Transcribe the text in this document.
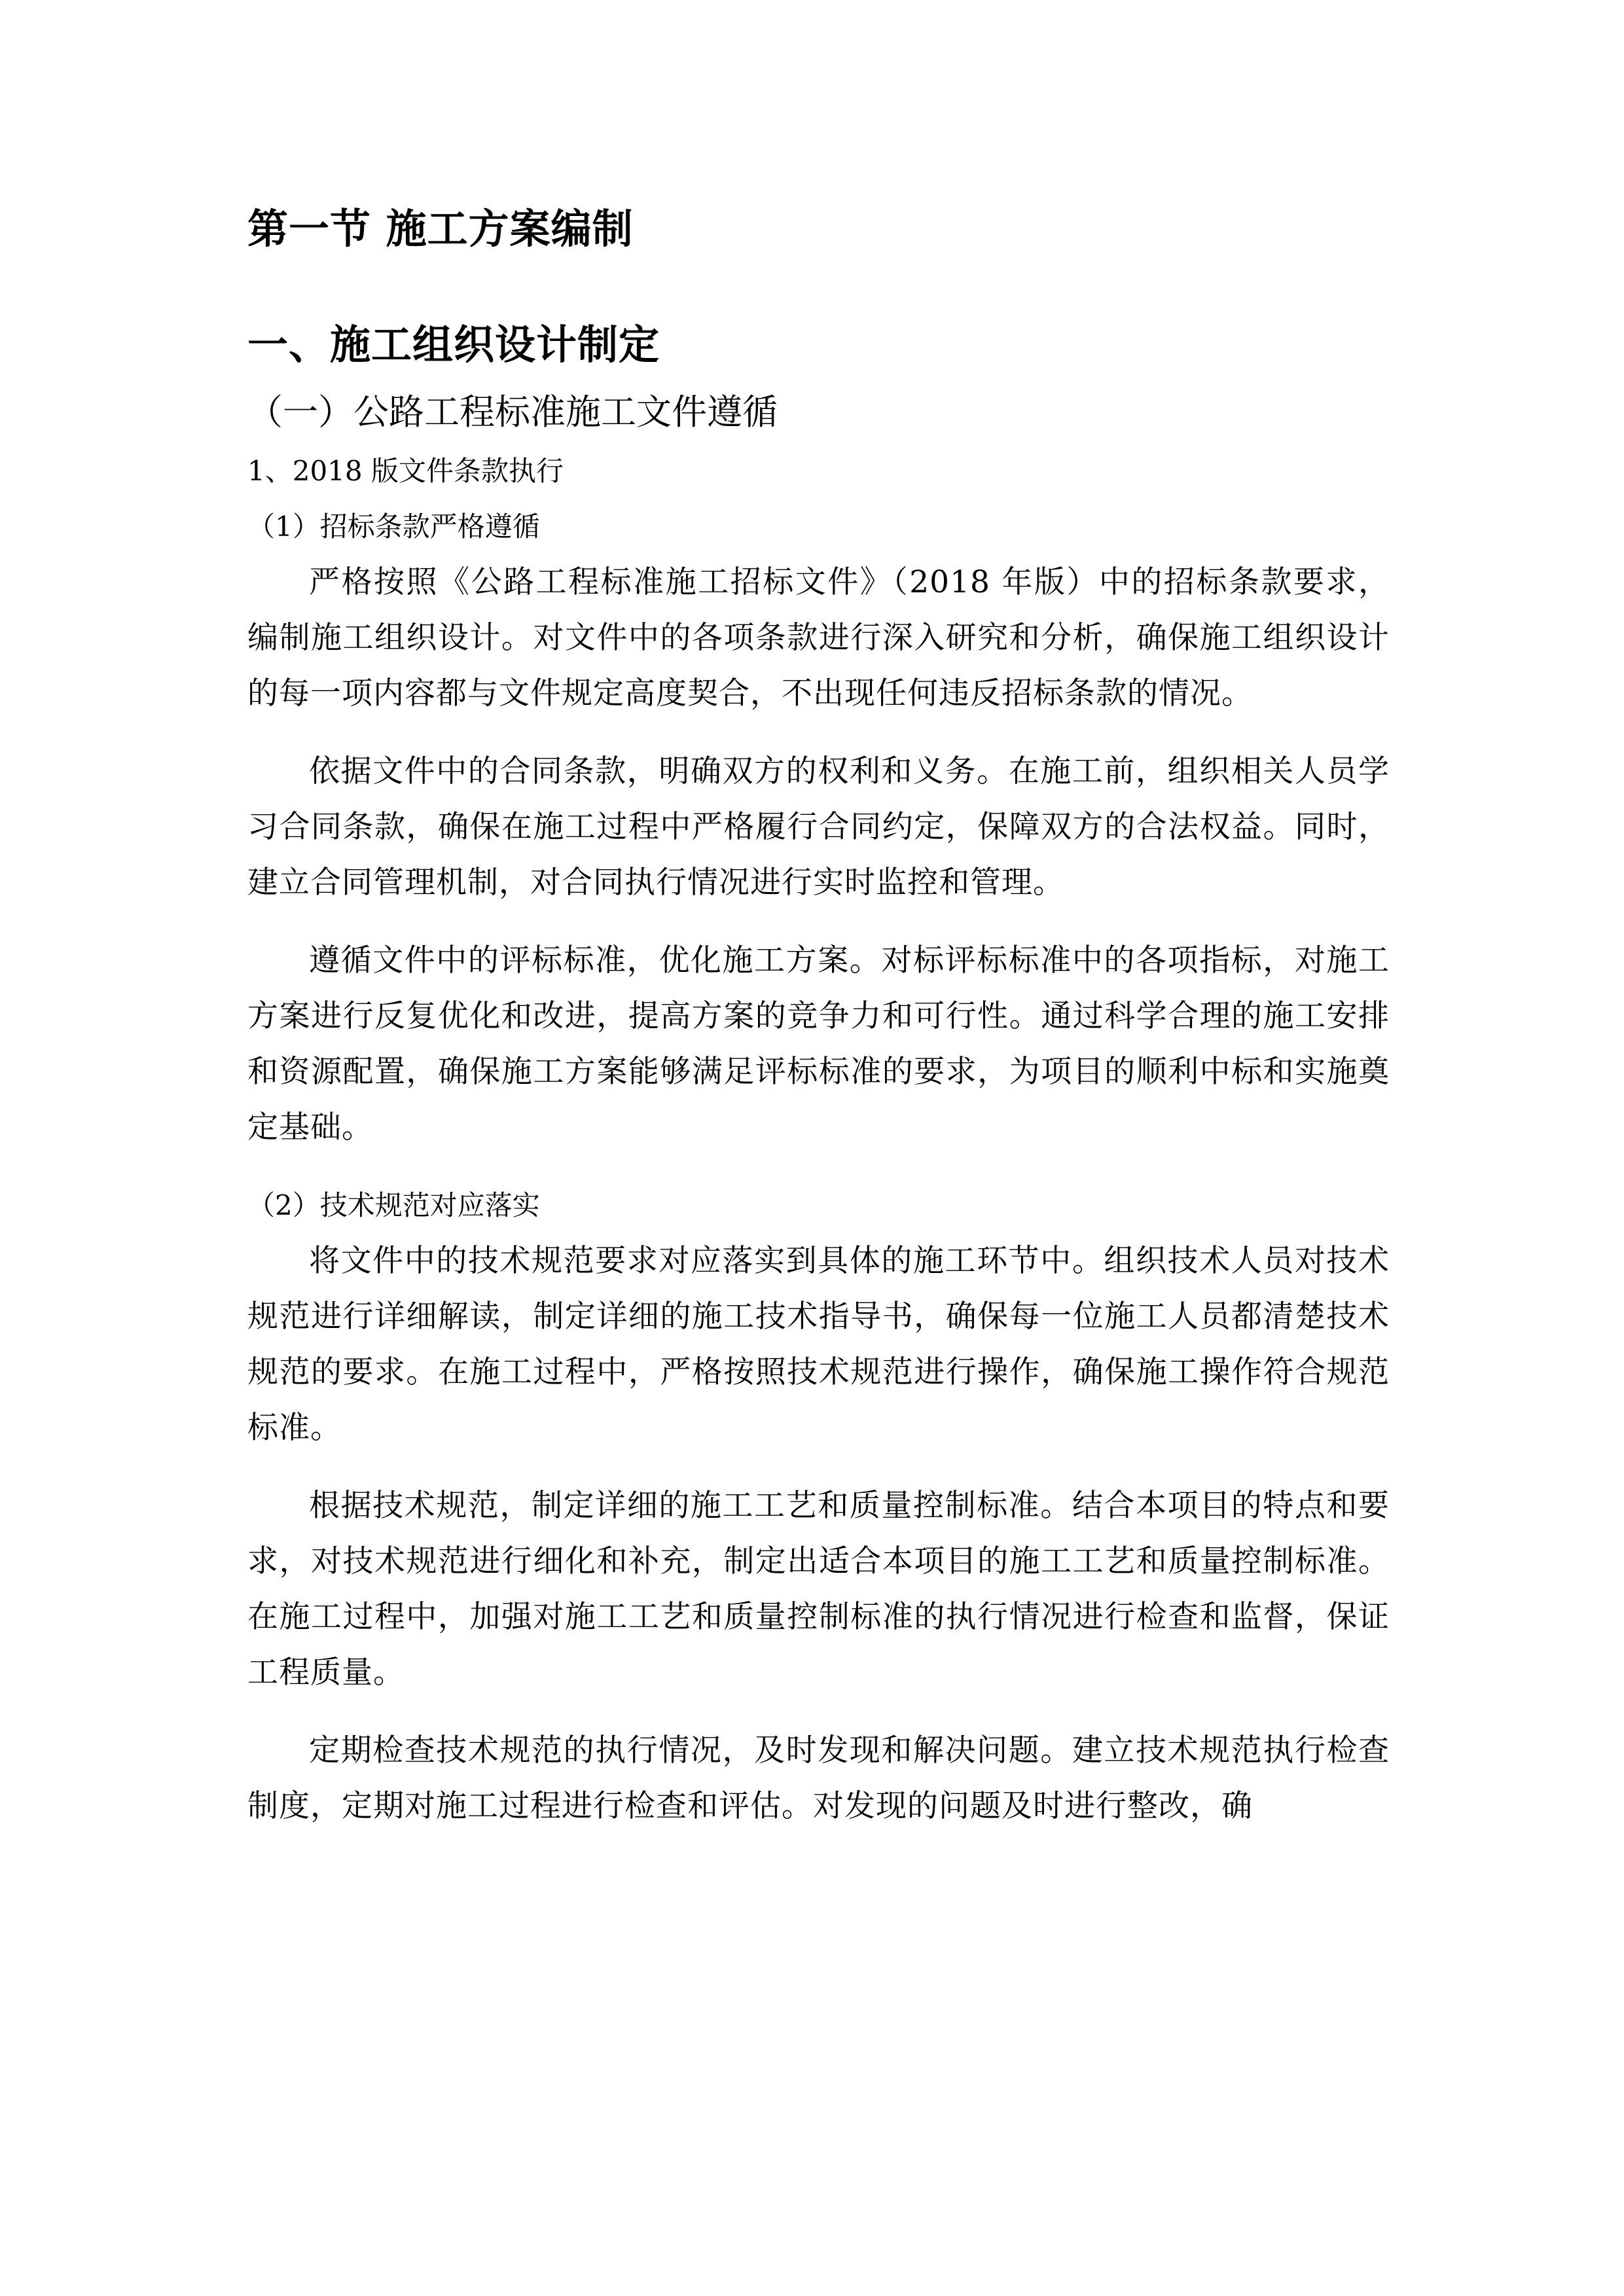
第一节 施工方案编制
一、施工组织设计制定
（一）公路工程标准施工文件遵循
1、2018 版文件条款执行
（1）招标条款严格遵循

严格按照《公路工程标准施工招标文件》（2018 年版）中的招标条款要求，编制施工组织设计。对文件中的各项条款进行深入研究和分析，确保施工组织设计的每一项内容都与文件规定高度契合，不出现任何违反招标条款的情况。

依据文件中的合同条款，明确双方的权利和义务。在施工前，组织相关人员学习合同条款，确保在施工过程中严格履行合同约定，保障双方的合法权益。同时，建立合同管理机制，对合同执行情况进行实时监控和管理。

遵循文件中的评标标准，优化施工方案。对标评标标准中的各项指标，对施工方案进行反复优化和改进，提高方案的竞争力和可行性。通过科学合理的施工安排和资源配置，确保施工方案能够满足评标标准的要求，为项目的顺利中标和实施奠定基础。

（2）技术规范对应落实

将文件中的技术规范要求对应落实到具体的施工环节中。组织技术人员对技术规范进行详细解读，制定详细的施工技术指导书，确保每一位施工人员都清楚技术规范的要求。在施工过程中，严格按照技术规范进行操作，确保施工操作符合规范标准。

根据技术规范，制定详细的施工工艺和质量控制标准。结合本项目的特点和要求，对技术规范进行细化和补充，制定出适合本项目的施工工艺和质量控制标准。在施工过程中，加强对施工工艺和质量控制标准的执行情况进行检查和监督，保证工程质量。

定期检查技术规范的执行情况，及时发现和解决问题。建立技术规范执行检查制度，定期对施工过程进行检查和评估。对发现的问题及时进行整改，确
